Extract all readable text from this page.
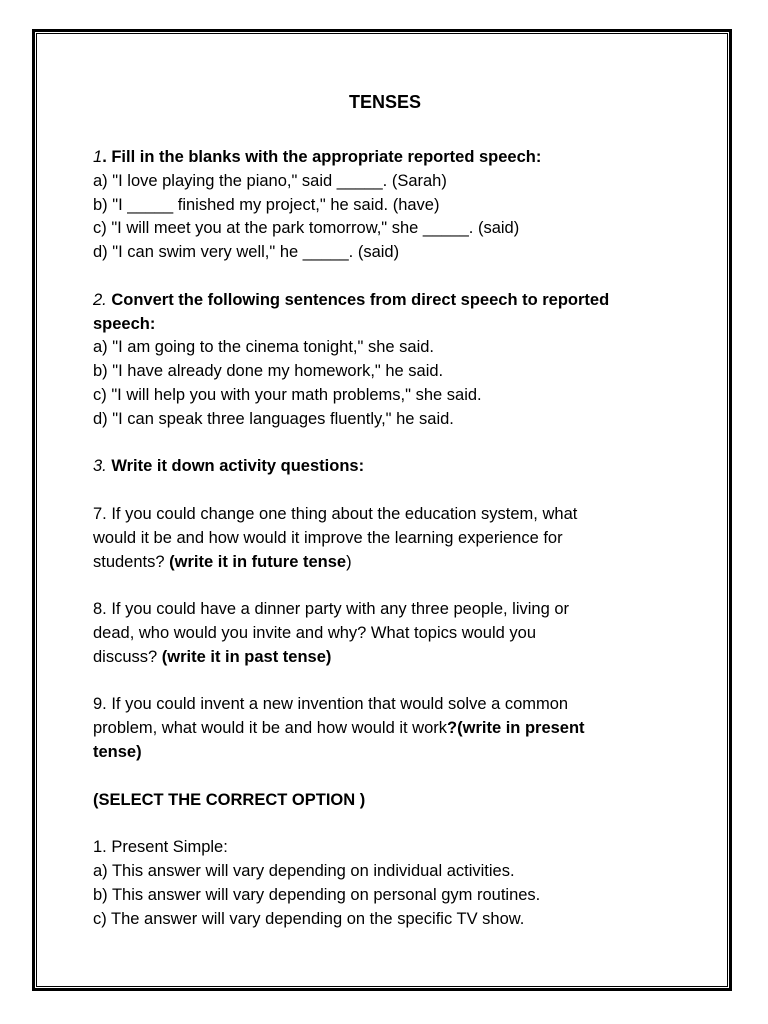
TENSES
1. Fill in the blanks with the appropriate reported speech:
a) "I love playing the piano," said _____. (Sarah)
b) "I _____ finished my project," he said. (have)
c) "I will meet you at the park tomorrow," she _____. (said)
d) "I can swim very well," he _____. (said)
2. Convert the following sentences from direct speech to reported
speech:
a) "I am going to the cinema tonight," she said.
b) "I have already done my homework," he said.
c) "I will help you with your math problems," she said.
d) "I can speak three languages fluently," he said.
3. Write it down activity questions:
7. If you could change one thing about the education system, what
would it be and how would it improve the learning experience for
students? (write it in future tense)
8. If you could have a dinner party with any three people, living or
dead, who would you invite and why? What topics would you
discuss? (write it in past tense)
9. If you could invent a new invention that would solve a common
problem, what would it be and how would it work?(write in present
tense)
(SELECT THE CORRECT OPTION )
1. Present Simple:
a) This answer will vary depending on individual activities.
b) This answer will vary depending on personal gym routines.
c) The answer will vary depending on the specific TV show.
